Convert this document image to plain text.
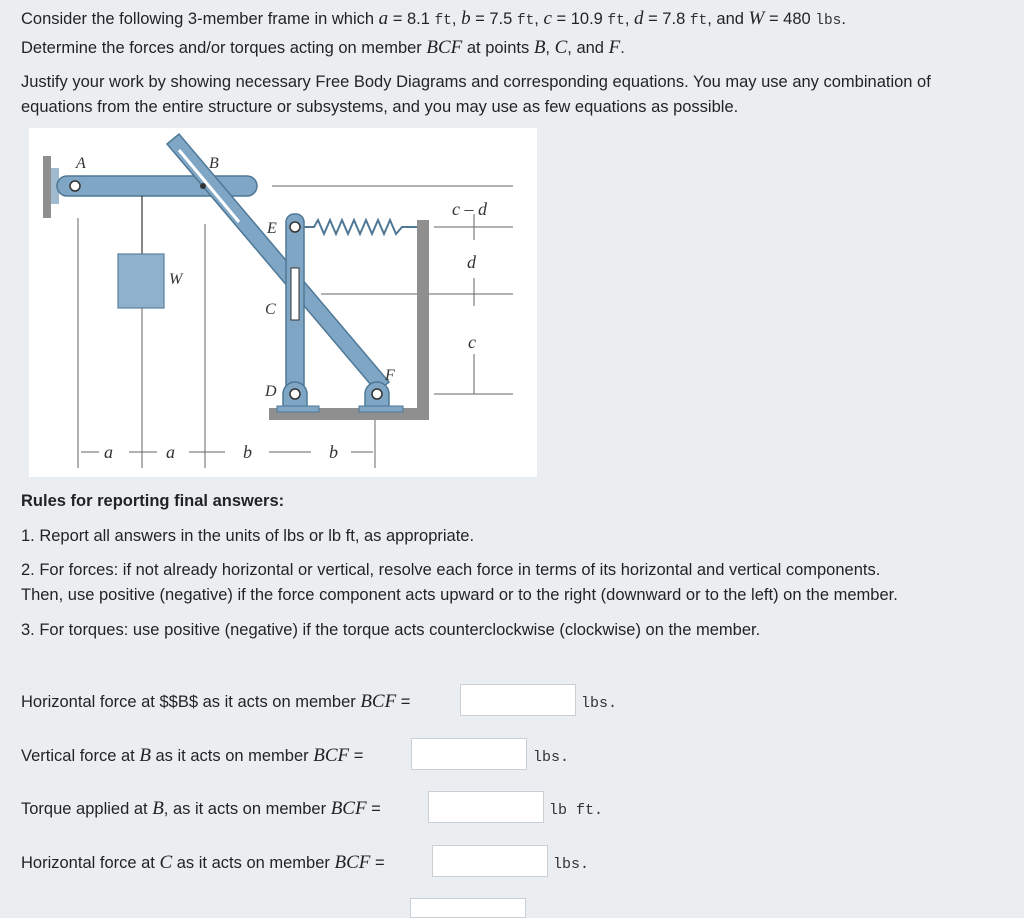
Consider the following 3-member frame in which a = 8.1 ft, b = 7.5 ft, c = 10.9 ft, d = 7.8 ft, and W = 480 lbs.

Determine the forces and/or torques acting on member BCF at points B, C, and F.

Justify your work by showing necessary Free Body Diagrams and corresponding equations. You may use any combination of

equations from the entire structure or subsystems, and you may use as few equations as possible.

A	B
W
E
C
D
F
c – d
d
c
a	a	b	b

Rules for reporting final answers:

1. Report all answers in the units of lbs or lb ft, as appropriate.

2. For forces: if not already horizontal or vertical, resolve each force in terms of its horizontal and vertical components.

Then, use positive (negative) if the force component acts upward or to the right (downward or to the left) on the member.

3. For torques: use positive (negative) if the torque acts counterclockwise (clockwise) on the member.

Horizontal force at $$B$ as it acts on member BCF =	lbs.

Vertical force at B as it acts on member BCF =	lbs.

Torque applied at B, as it acts on member BCF =	lb ft.

Horizontal force at C as it acts on member BCF =	lbs.
